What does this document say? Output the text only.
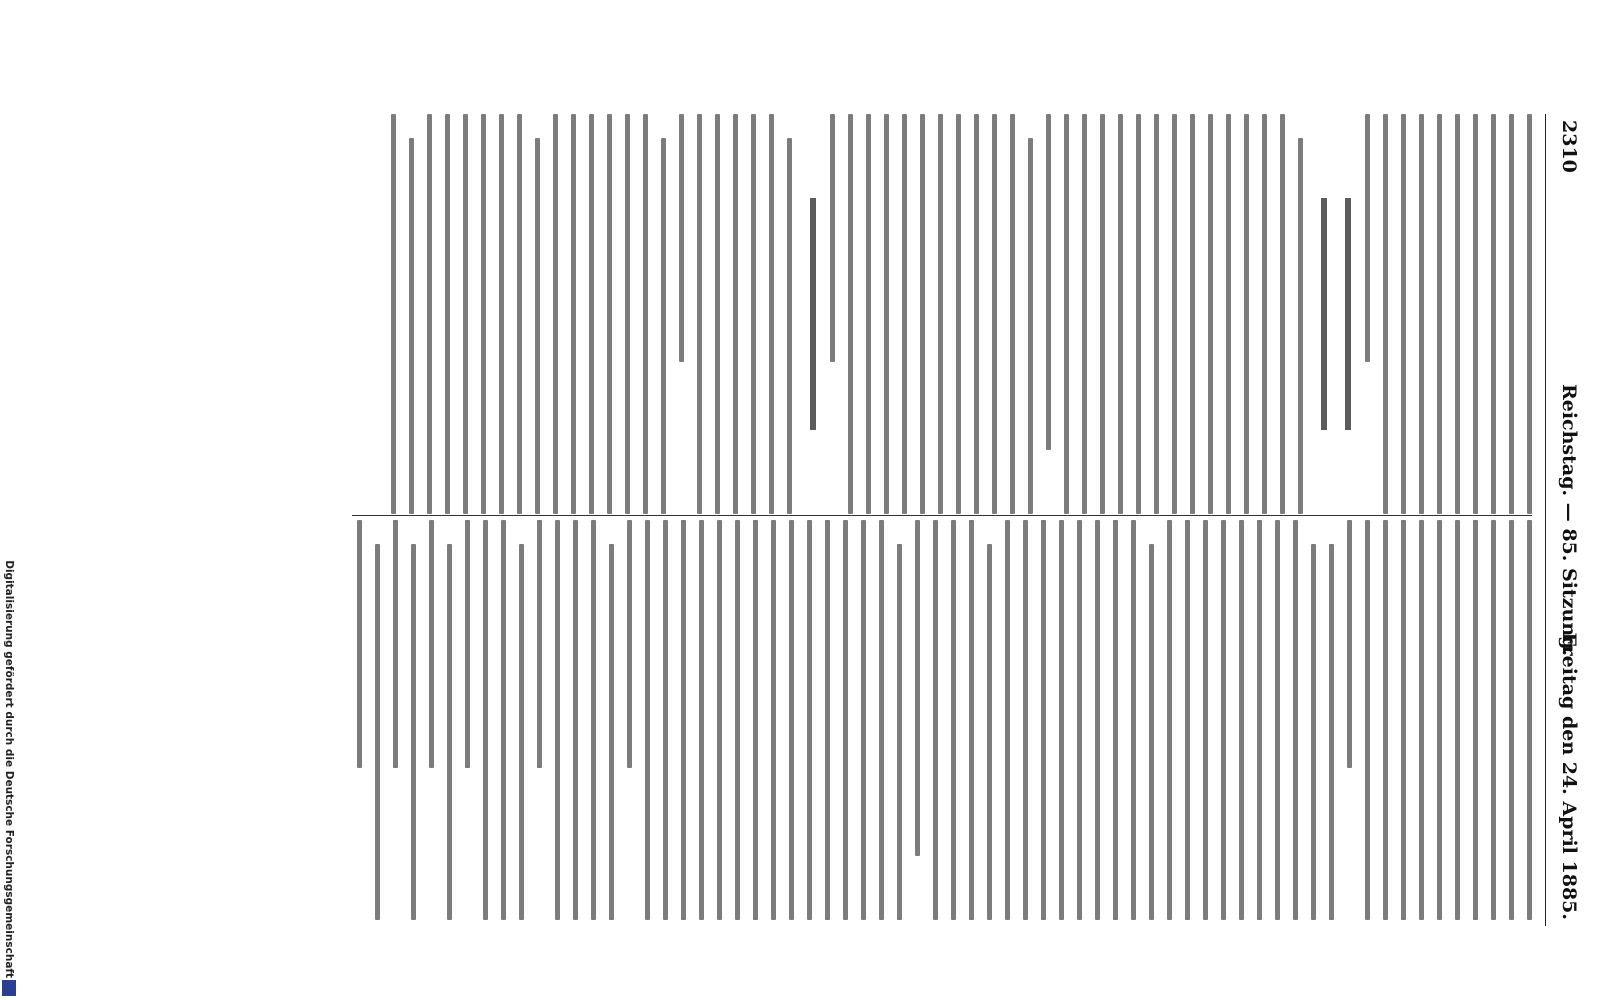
2310
Reichstag. — 85. Sitzung.
Freitag den 24. April 1885.
Digitalisierung gefördert durch die Deutsche Forschungsgemeinschaft
